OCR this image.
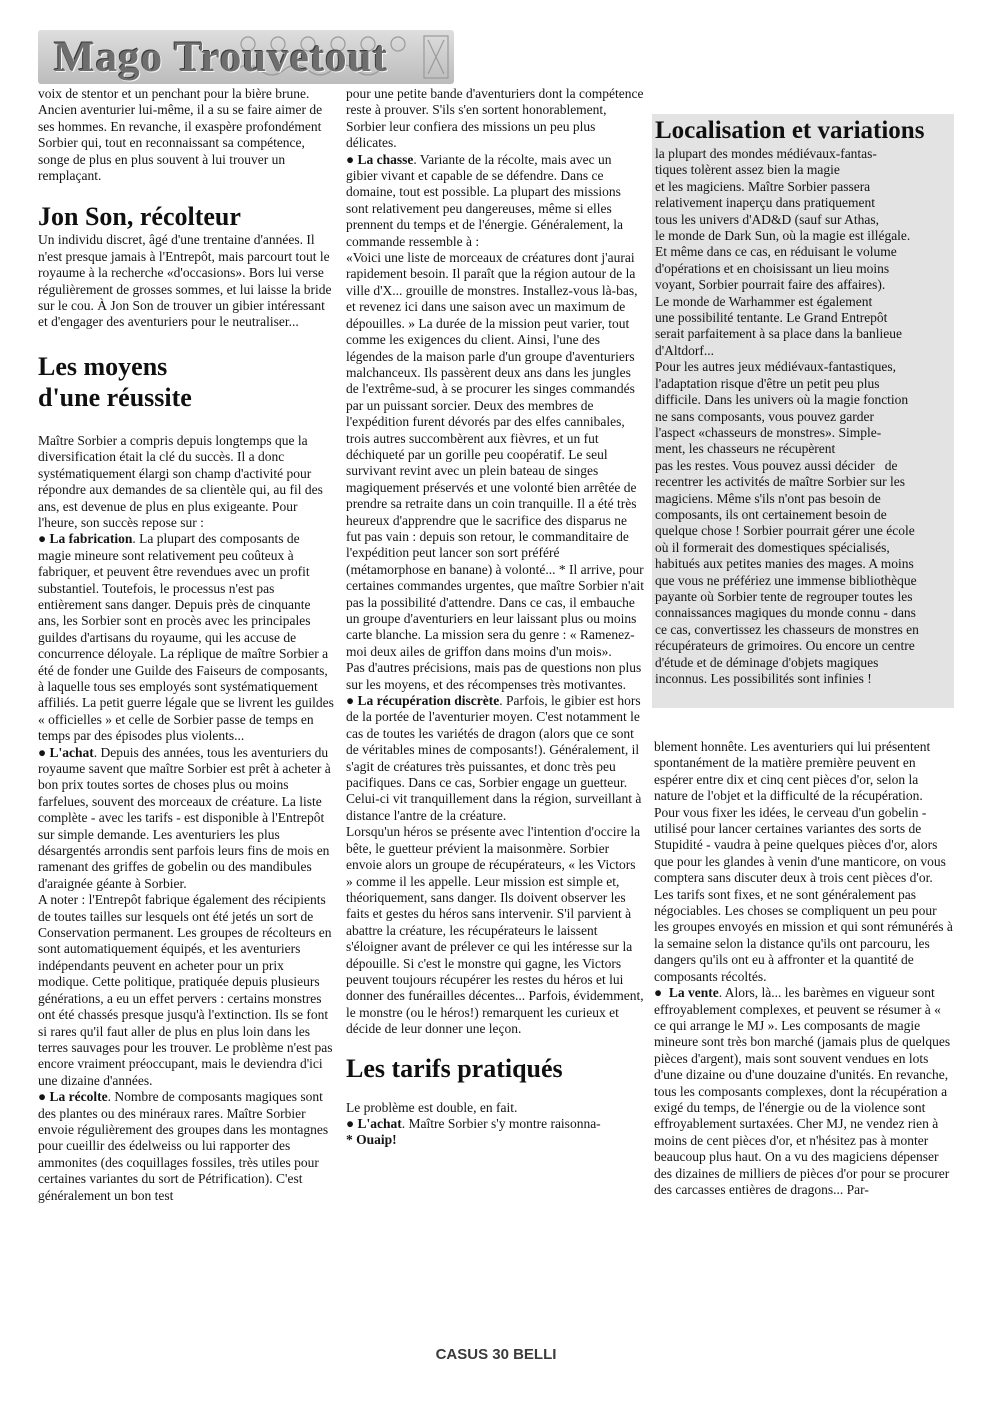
Mago Trouvetout

voix de stentor et un penchant pour la bière brune. Ancien aventurier lui-même, il a su se faire aimer de ses hommes. En revanche, il exaspère profondément Sorbier qui, tout en reconnaissant sa compétence, songe de plus en plus souvent à lui trouver un remplaçant.

Jon Son, récolteur

Un individu discret, âgé d'une trentaine d'années. Il n'est presque jamais à l'Entrepôt, mais parcourt tout le royaume à la recherche «d'occasions». Bors lui verse régulièrement de grosses sommes, et lui laisse la bride sur le cou. À Jon Son de trouver un gibier intéressant et d'engager des aventuriers pour le neutraliser...

Les moyens
d'une réussite

Maître Sorbier a compris depuis longtemps que la diversification était la clé du succès. Il a donc systématiquement élargi son champ d'activité pour répondre aux demandes de sa clientèle qui, au fil des ans, est devenue de plus en plus exigeante. Pour l'heure, son succès repose sur :

● La fabrication. La plupart des composants de magie mineure sont relativement peu coûteux à fabriquer, et peuvent être revendues avec un profit substantiel. Toutefois, le processus n'est pas entièrement sans danger. Depuis près de cinquante ans, les Sorbier sont en procès avec les principales guildes d'artisans du royaume, qui les accuse de concurrence déloyale. La réplique de maître Sorbier a été de fonder une Guilde des Faiseurs de composants, à laquelle tous ses employés sont systématiquement affiliés. La petit guerre légale que se livrent les guildes « officielles » et celle de Sorbier passe de temps en temps par des épisodes plus violents...

● L'achat. Depuis des années, tous les aventuriers du royaume savent que maître Sorbier est prêt à acheter à bon prix toutes sortes de choses plus ou moins farfelues, souvent des morceaux de créature. La liste complète - avec les tarifs - est disponible à l'Entrepôt sur simple demande. Les aventuriers les plus désargentés arrondis sent parfois leurs fins de mois en ramenant des griffes de gobelin ou des mandibules d'araignée géante à Sorbier.

A noter : l'Entrepôt fabrique également des récipients de toutes tailles sur lesquels ont été jetés un sort de Conservation permanent. Les groupes de récolteurs en sont automatiquement équipés, et les aventuriers indépendants peuvent en acheter pour un prix modique. Cette politique, pratiquée depuis plusieurs générations, a eu un effet pervers : certains monstres ont été chassés presque jusqu'à l'extinction. Ils se font si rares qu'il faut aller de plus en plus loin dans les terres sauvages pour les trouver. Le problème n'est pas encore vraiment préoccupant, mais le deviendra d'ici une dizaine d'années.

● La récolte. Nombre de composants magiques sont des plantes ou des minéraux rares. Maître Sorbier envoie régulièrement des groupes dans les montagnes pour cueillir des édelweiss ou lui rapporter des ammonites (des coquillages fossiles, très utiles pour certaines variantes du sort de Pétrification). C'est généralement un bon test

pour une petite bande d'aventuriers dont la compétence reste à prouver. S'ils s'en sortent honorablement, Sorbier leur confiera des missions un peu plus délicates.

● La chasse. Variante de la récolte, mais avec un gibier vivant et capable de se défendre. Dans ce domaine, tout est possible. La plupart des missions sont relativement peu dangereuses, même si elles prennent du temps et de l'énergie. Généralement, la commande ressemble à :

«Voici une liste de morceaux de créatures dont j'aurai rapidement besoin. Il paraît que la région autour de la ville d'X... grouille de monstres. Installez-vous là-bas, et revenez ici dans une saison avec un maximum de dépouilles. » La durée de la mission peut varier, tout comme les exigences du client. Ainsi, l'une des légendes de la maison parle d'un groupe d'aventuriers malchanceux. Ils passèrent deux ans dans les jungles de l'extrême-sud, à se procurer les singes commandés par un puissant sorcier. Deux des membres de l'expédition furent dévorés par des elfes cannibales, trois autres succombèrent aux fièvres, et un fut déchiqueté par un gorille peu coopératif. Le seul survivant revint avec un plein bateau de singes magiquement préservés et une volonté bien arrêtée de prendre sa retraite dans un coin tranquille. Il a été très heureux d'apprendre que le sacrifice des disparus ne fut pas vain : depuis son retour, le commanditaire de l'expédition peut lancer son sort préféré (métamorphose en banane) à volonté... * Il arrive, pour certaines commandes urgentes, que maître Sorbier n'ait pas la possibilité d'attendre. Dans ce cas, il embauche un groupe d'aventuriers en leur laissant plus ou moins carte blanche. La mission sera du genre : « Ramenez-moi deux ailes de griffon dans moins d'un mois».

Pas d'autres précisions, mais pas de questions non plus sur les moyens, et des récompenses très motivantes.

● La récupération discrète. Parfois, le gibier est hors de la portée de l'aventurier moyen. C'est notamment le cas de toutes les variétés de dragon (alors que ce sont de véritables mines de composants!). Généralement, il s'agit de créatures très puissantes, et donc très peu pacifiques. Dans ce cas, Sorbier engage un guetteur. Celui-ci vit tranquillement dans la région, surveillant à distance l'antre de la créature.

Lorsqu'un héros se présente avec l'intention d'occire la bête, le guetteur prévient la maisonmère. Sorbier envoie alors un groupe de récupérateurs, « les Victors » comme il les appelle. Leur mission est simple et, théoriquement, sans danger. Ils doivent observer les faits et gestes du héros sans intervenir. S'il parvient à abattre la créature, les récupérateurs le laissent s'éloigner avant de prélever ce qui les intéresse sur la dépouille. Si c'est le monstre qui gagne, les Victors peuvent toujours récupérer les restes du héros et lui donner des funérailles décentes... Parfois, évidemment, le monstre (ou le héros!) remarquent les curieux et décide de leur donner une leçon.

Les tarifs pratiqués

Le problème est double, en fait.

● L'achat. Maître Sorbier s'y montre raisonna-

* Ouaip!

Localisation et variations
la plupart des mondes médiévaux-fantas-
tiques tolèrent assez bien la magie
et les magiciens. Maître Sorbier passera
relativement inaperçu dans pratiquement
tous les univers d'AD&D (sauf sur Athas,
le monde de Dark Sun, où la magie est illégale.
Et même dans ce cas, en réduisant le volume
d'opérations et en choisissant un lieu moins
voyant, Sorbier pourrait faire des affaires).
Le monde de Warhammer est également
une possibilité tentante. Le Grand Entrepôt
serait parfaitement à sa place dans la banlieue
d'Altdorf...
Pour les autres jeux médiévaux-fantastiques,
l'adaptation risque d'être un petit peu plus
difficile. Dans les univers où la magie fonction
ne sans composants, vous pouvez garder
l'aspect «chasseurs de monstres». Simple-
ment, les chasseurs ne récupèrent
pas les restes. Vous pouvez aussi décider   de
recentrer les activités de maître Sorbier sur les
magiciens. Même s'ils n'ont pas besoin de
composants, ils ont certainement besoin de
quelque chose ! Sorbier pourrait gérer une école
où il formerait des domestiques spécialisés,
habitués aux petites manies des mages. A moins
que vous ne préfériez une immense bibliothèque
payante où Sorbier tente de regrouper toutes les
connaissances magiques du monde connu - dans
ce cas, convertissez les chasseurs de monstres en
récupérateurs de grimoires. Ou encore un centre
d'étude et de déminage d'objets magiques
inconnus. Les possibilités sont infinies !

blement honnête. Les aventuriers qui lui présentent spontanément de la matière première peuvent en espérer entre dix et cinq cent pièces d'or, selon la nature de l'objet et la difficulté de la récupération.

Pour vous fixer les idées, le cerveau d'un gobelin - utilisé pour lancer certaines variantes des sorts de Stupidité - vaudra à peine quelques pièces d'or, alors que pour les glandes à venin d'une manticore, on vous comptera sans discuter deux à trois cent pièces d'or. Les tarifs sont fixes, et ne sont généralement pas négociables. Les choses se compliquent un peu pour les groupes envoyés en mission et qui sont rémunérés à la semaine selon la distance qu'ils ont parcouru, les dangers qu'ils ont eu à affronter et la quantité de composants récoltés.

● La vente. Alors, là... les barèmes en vigueur sont effroyablement complexes, et peuvent se résumer à « ce qui arrange le MJ ». Les composants de magie mineure sont très bon marché (jamais plus de quelques pièces d'argent), mais sont souvent vendues en lots d'une dizaine ou d'une douzaine d'unités. En revanche, tous les composants complexes, dont la récupération a exigé du temps, de l'énergie ou de la violence sont effroyablement surtaxées. Cher MJ, ne vendez rien à moins de cent pièces d'or, et n'hésitez pas à monter beaucoup plus haut. On a vu des magiciens dépenser des dizaines de milliers de pièces d'or pour se procurer des carcasses entières de dragons... Par-

CASUS 30 BELLI
